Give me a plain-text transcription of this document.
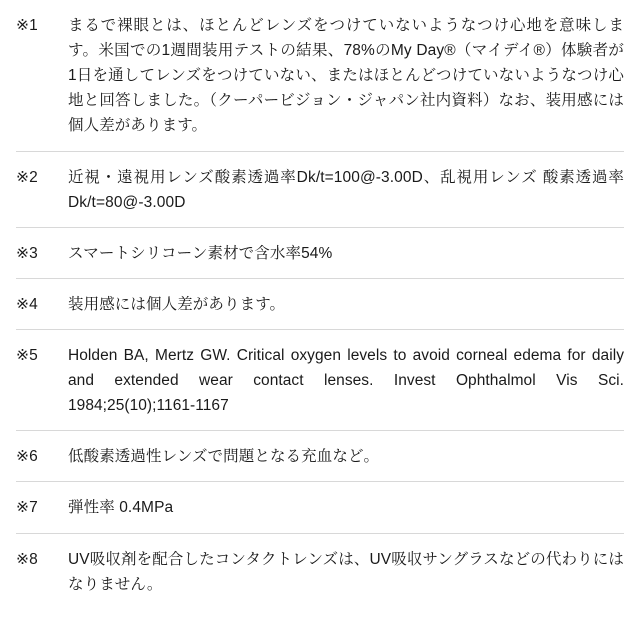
※1	まるで裸眼とは、ほとんどレンズをつけていないようなつけ心地を意味します。米国での1週間装用テストの結果、78%のMy Day®（マイデイ®）体験者が1日を通してレンズをつけていない、またはほとんどつけていないようなつけ心地と回答しました。（クーパービジョン・ジャパン社内資料）なお、装用感には個人差があります。
※2	近視・遠視用レンズ酸素透過率Dk/t=100@-3.00D、乱視用レンズ 酸素透過率Dk/t=80@-3.00D
※3	スマートシリコーン素材で含水率54%
※4	装用感には個人差があります。
※5	Holden BA, Mertz GW. Critical oxygen levels to avoid corneal edema for daily and extended wear contact lenses. Invest Ophthalmol Vis Sci. 1984;25(10);1161-1167
※6	低酸素透過性レンズで問題となる充血など。
※7	弾性率 0.4MPa
※8	UV吸収剤を配合したコンタクトレンズは、UV吸収サングラスなどの代わりにはなりません。
